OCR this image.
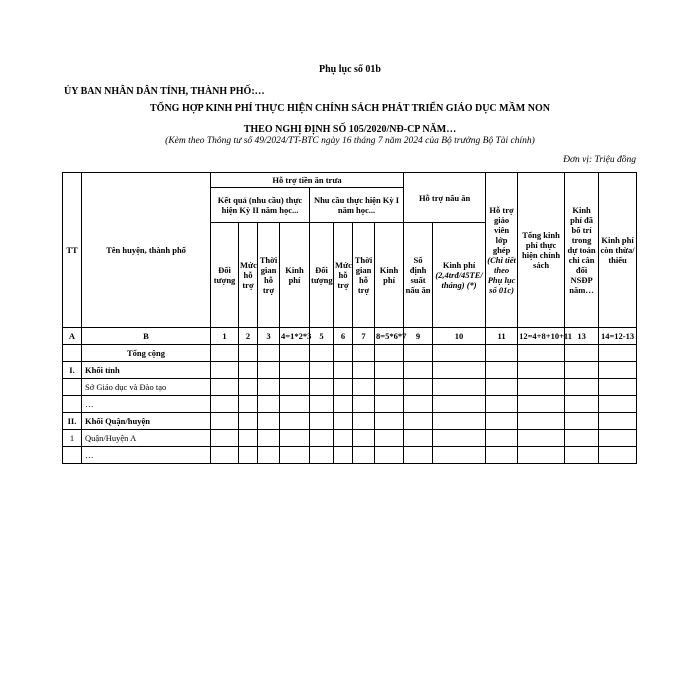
Phụ lục số 01b
ỦY BAN NHÂN DÂN TỈNH, THÀNH PHỐ:…
TỔNG HỢP KINH PHÍ THỰC HIỆN CHÍNH SÁCH PHÁT TRIỂN GIÁO DỤC MẦM NON
THEO NGHỊ ĐỊNH SỐ 105/2020/NĐ-CP NĂM…
(Kèm theo Thông tư số 49/2024/TT-BTC ngày 16 tháng 7 năm 2024 của Bộ trưởng Bộ Tài chính)
Đơn vị: Triệu đồng
TT	Tên huyện, thành phố	Hỗ trợ tiền ăn trưa								Hỗ trợ nấu ăn		Hỗ trợ giáo viên lớp ghép (Chi tiết theo Phụ lục số 01c)	Tổng kinh phí thực hiện chính sách	Kinh phí đã bố trí trong dự toán chi cân đối NSĐP năm…	Kinh phí còn thừa/ thiếu
		Kết quả (nhu cầu) thực hiện Kỳ II năm học...				Nhu cầu thực hiện Kỳ I năm học...									
		Đối tượng	Mức hỗ trợ	Thời gian hỗ trợ	Kinh phí	Đối tượng	Mức hỗ trợ	Thời gian hỗ trợ	Kinh phí	Số định suất nấu ăn	Kinh phí (2,4trđ/45TE/ tháng) (*)				
A	B	1	2	3	4=1*2*3	5	6	7	8=5*6*7	9	10	11	12=4+8+10+11	13	14=12-13
	Tổng cộng														
I.	Khối tỉnh														
	Sở Giáo dục và Đào tạo														
	…														
II.	Khối Quận/huyện														
1	Quận/Huyện A														
	…														
